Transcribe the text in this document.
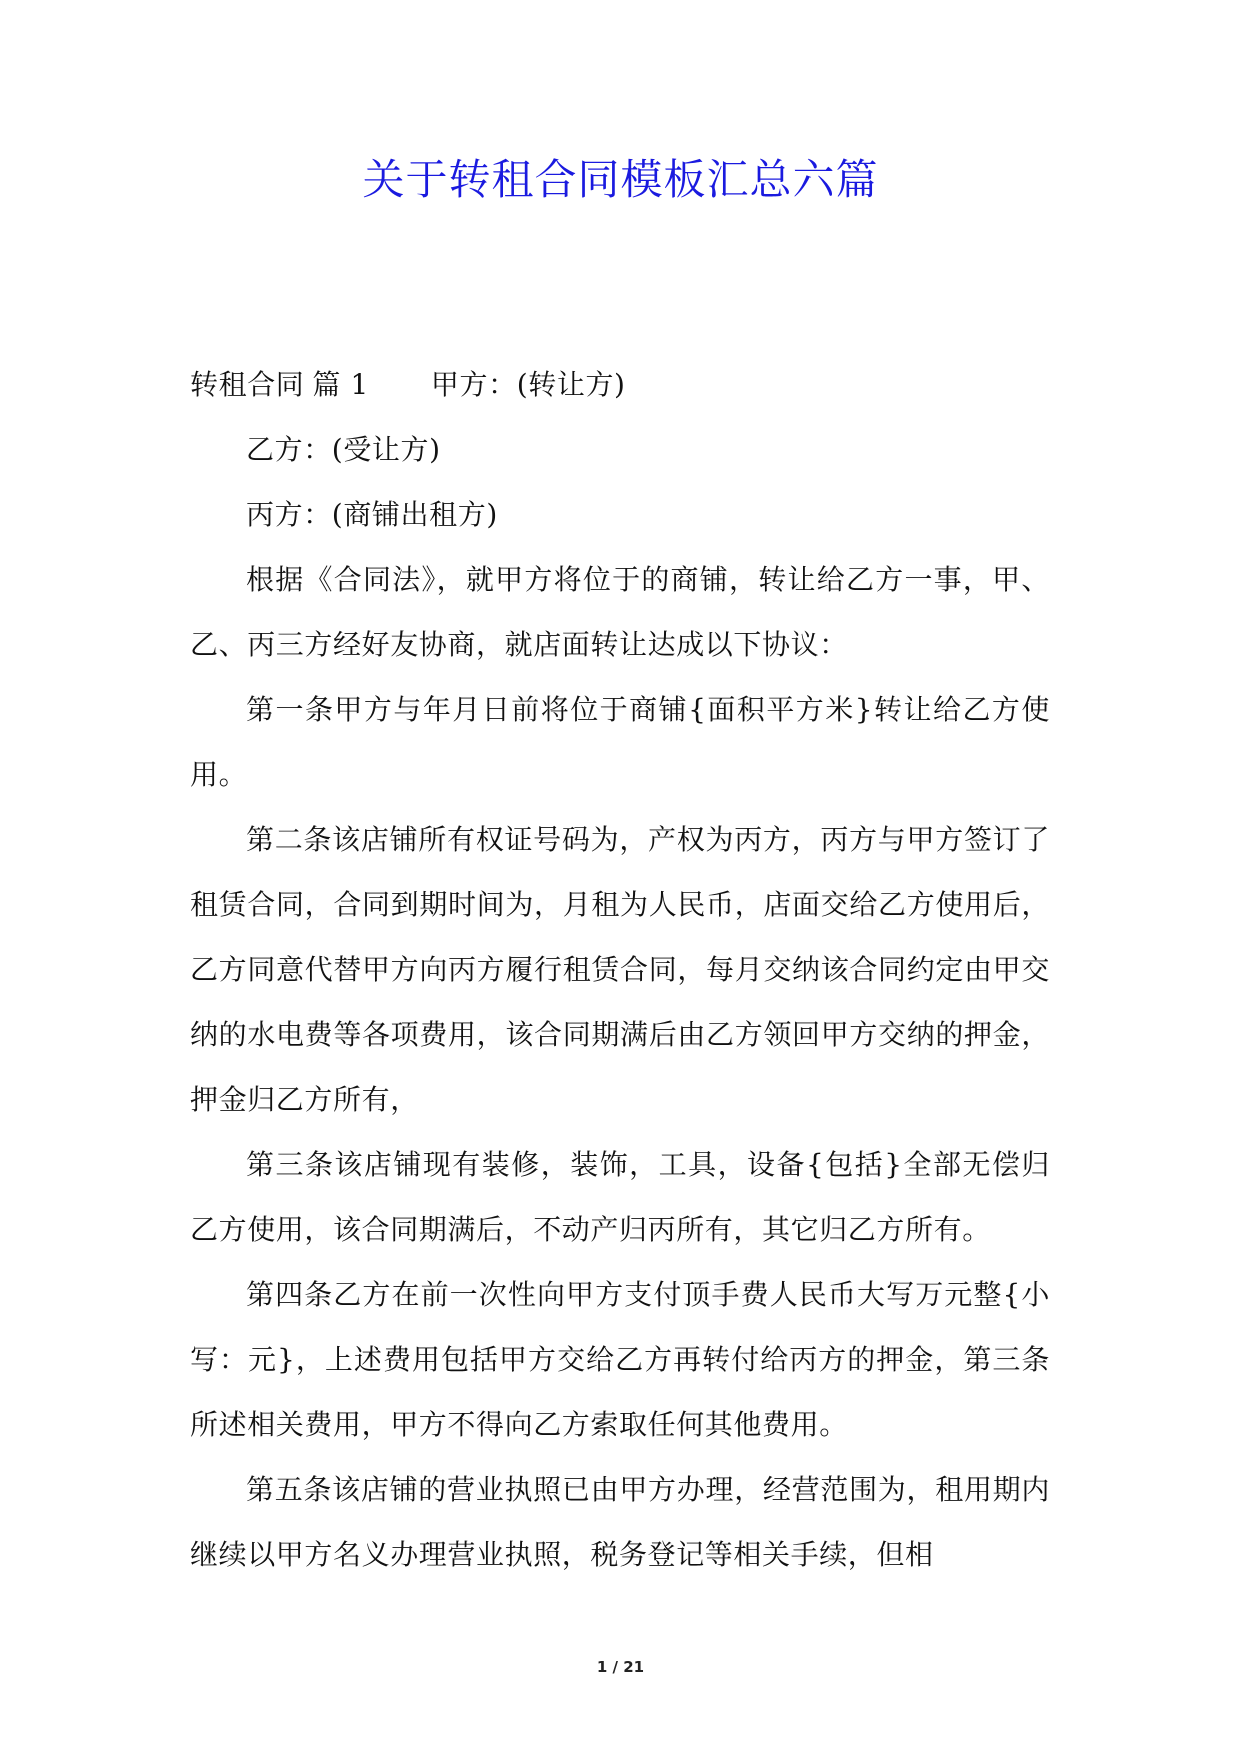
关于转租合同模板汇总六篇

转租合同 篇 1 甲方：(转让方)

乙方：(受让方)

丙方：(商铺出租方)

根据《合同法》，就甲方将位于的商铺，转让给乙方一事，甲、乙、丙三方经好友协商，就店面转让达成以下协议：

第一条甲方与年月日前将位于商铺{面积平方米}转让给乙方使用。

第二条该店铺所有权证号码为，产权为丙方，丙方与甲方签订了租赁合同，合同到期时间为，月租为人民币，店面交给乙方使用后，乙方同意代替甲方向丙方履行租赁合同，每月交纳该合同约定由甲交纳的水电费等各项费用，该合同期满后由乙方领回甲方交纳的押金，押金归乙方所有，

第三条该店铺现有装修，装饰，工具，设备{包括}全部无偿归乙方使用，该合同期满后，不动产归丙所有，其它归乙方所有。

第四条乙方在前一次性向甲方支付顶手费人民币大写万元整{小写：元}，上述费用包括甲方交给乙方再转付给丙方的押金，第三条所述相关费用，甲方不得向乙方索取任何其他费用。

第五条该店铺的营业执照已由甲方办理，经营范围为，租用期内继续以甲方名义办理营业执照，税务登记等相关手续，但相

1 / 21
